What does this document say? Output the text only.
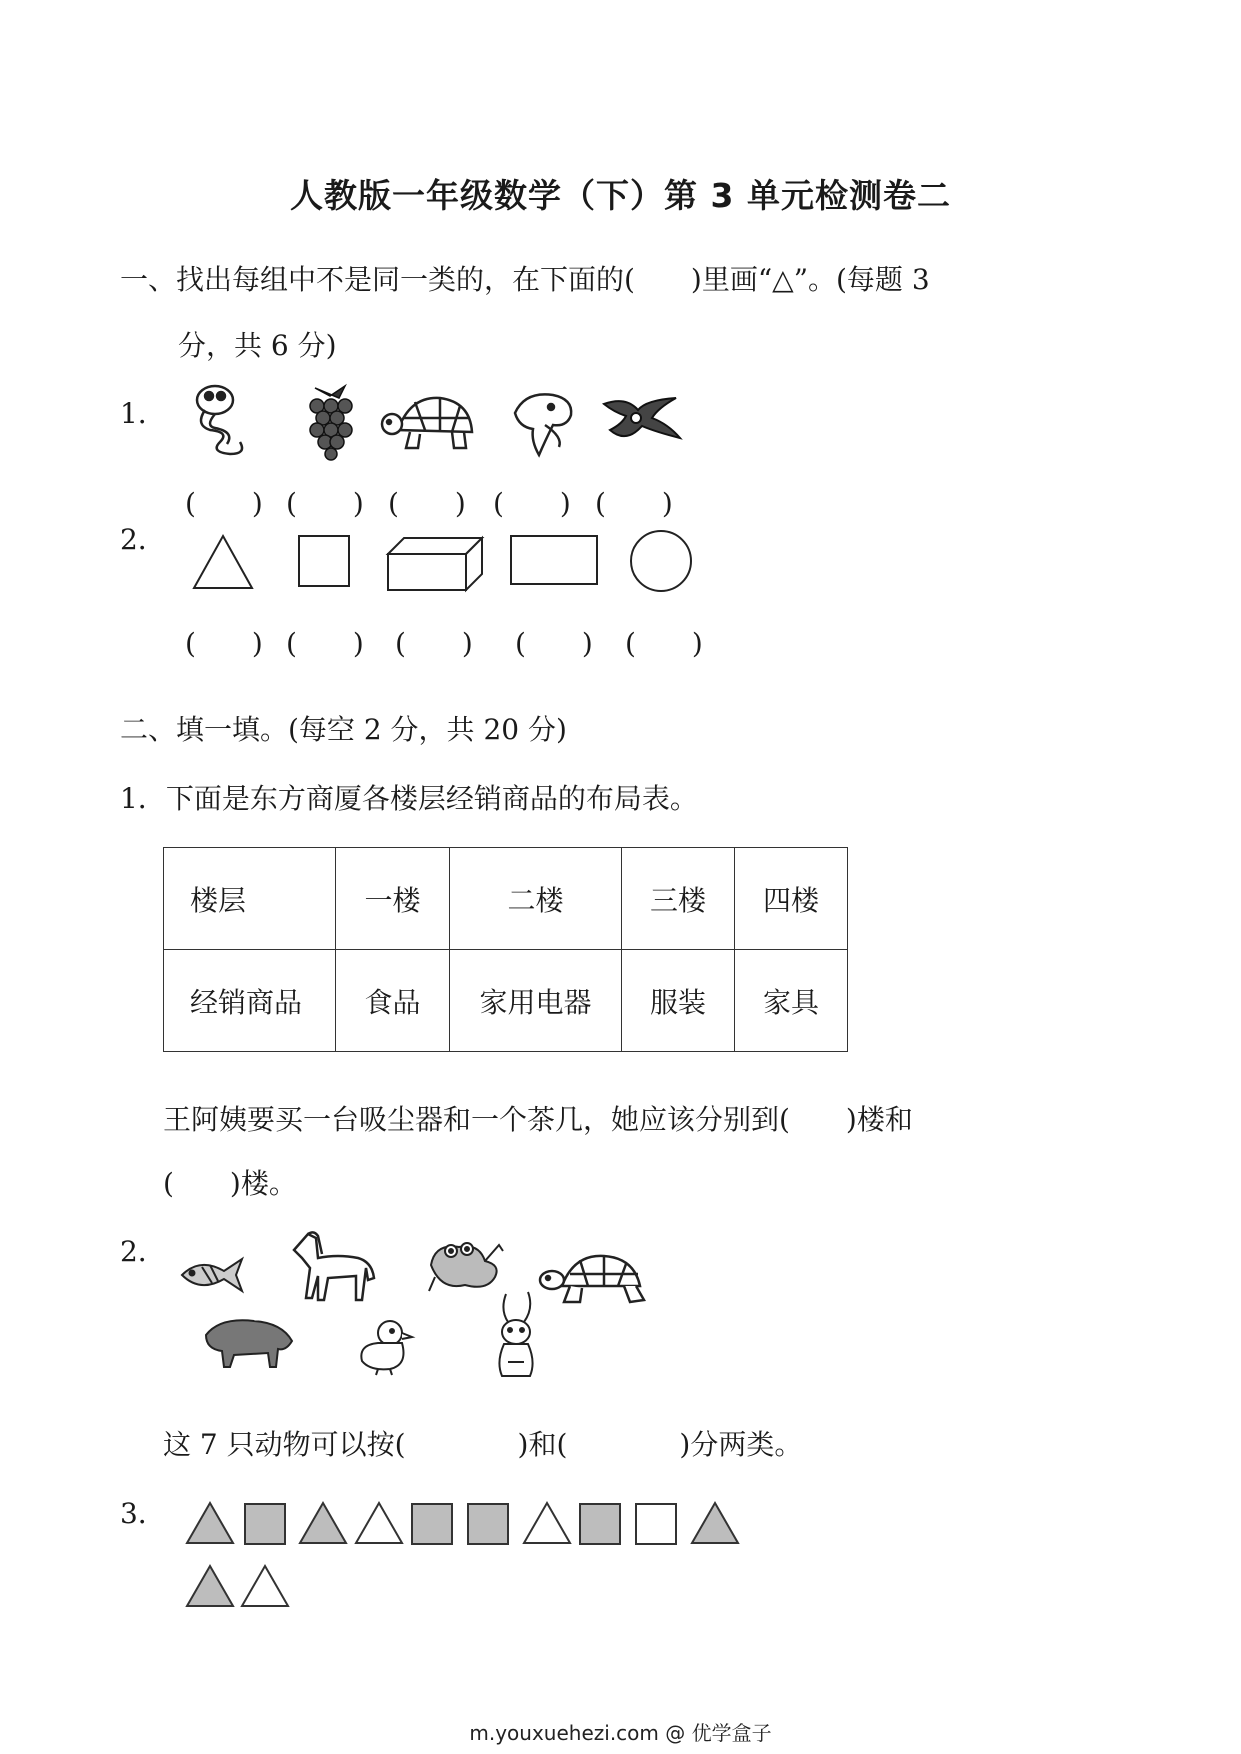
人教版一年级数学（下）第 3 单元检测卷二
一、找出每组中不是同一类的，在下面的(　　)里画“△”。(每题 3
分，共 6 分)
1．
(　　) (　　) (　　) (　　) (　　)
2．
(　　) (　　) (　　) (　　) (　　)
二、填一填。(每空 2 分，共 20 分)
1．下面是东方商厦各楼层经销商品的布局表。
楼层	一楼	二楼	三楼	四楼
经销商品	食品	家用电器	服装	家具
王阿姨要买一台吸尘器和一个茶几，她应该分别到(　　)楼和
(　　)楼。
2．
这 7 只动物可以按(　　　　)和(　　　　)分两类。
3．
m.youxuehezi.com @ 优学盒子
